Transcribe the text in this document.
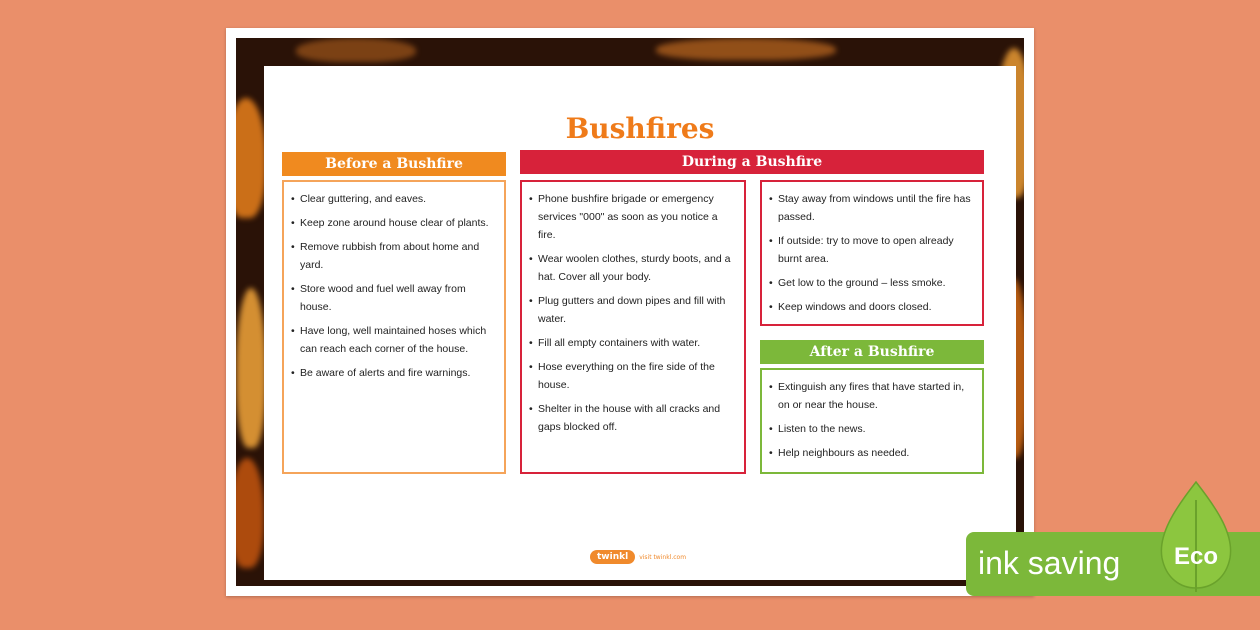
Bushfires
Before a Bushfire
• Clear guttering, and eaves.
• Keep zone around house clear of plants.
• Remove rubbish from about home and yard.
• Store wood and fuel well away from house.
• Have long, well maintained hoses which can reach each corner of the house.
• Be aware of alerts and fire warnings.
During a Bushfire
• Phone bushfire brigade or emergency services "000" as soon as you notice a fire.
• Wear woolen clothes, sturdy boots, and a hat. Cover all your body.
• Plug gutters and down pipes and fill with water.
• Fill all empty containers with water.
• Hose everything on the fire side of the house.
• Shelter in the house with all cracks and gaps blocked off.
• Stay away from windows until the fire has passed.
• If outside: try to move to open already burnt area.
• Get low to the ground – less smoke.
• Keep windows and doors closed.
After a Bushfire
• Extinguish any fires that have started in, on or near the house.
• Listen to the news.
• Help neighbours as needed.
twinkl	visit twinkl.com	ink saving Eco
